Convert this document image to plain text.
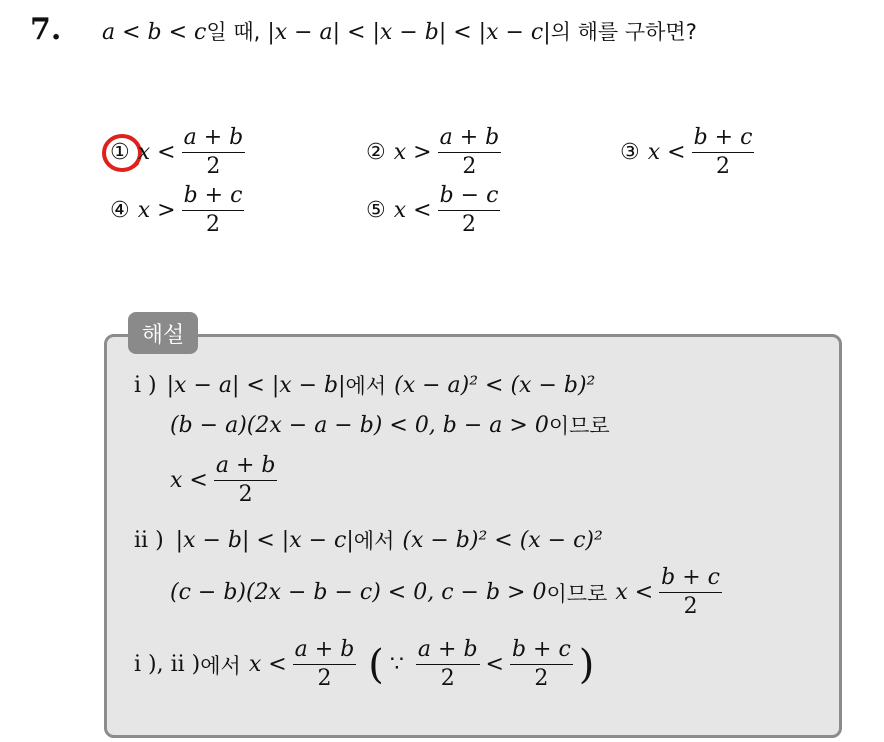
7. a < b < c일 때, |x − a| < |x − b| < |x − c|의 해를 구하면?
① $x < \frac{a + b}{2}$	② $x > \frac{a + b}{2}$	③ $x < \frac{b + c}{2}$
④ $x > \frac{b + c}{2}$	⑤ $x < \frac{b - c}{2}$
해설
i ) |x − a| < |x − b| 에서 (x − a)² < (x − b)²
(b − a)(2x − a − b) < 0, b − a > 0 이므로
$x < \frac{a + b}{2}$
ii ) |x − b| < |x − c| 에서 (x − b)² < (x − c)²
(c − b)(2x − b − c) < 0, c − b > 0 이므로 $x < \frac{b + c}{2}$
i ), ii ) 에서 $x < \frac{a + b}{2}$ ( ∵ $\frac{a + b}{2} < \frac{b + c}{2}$ )
